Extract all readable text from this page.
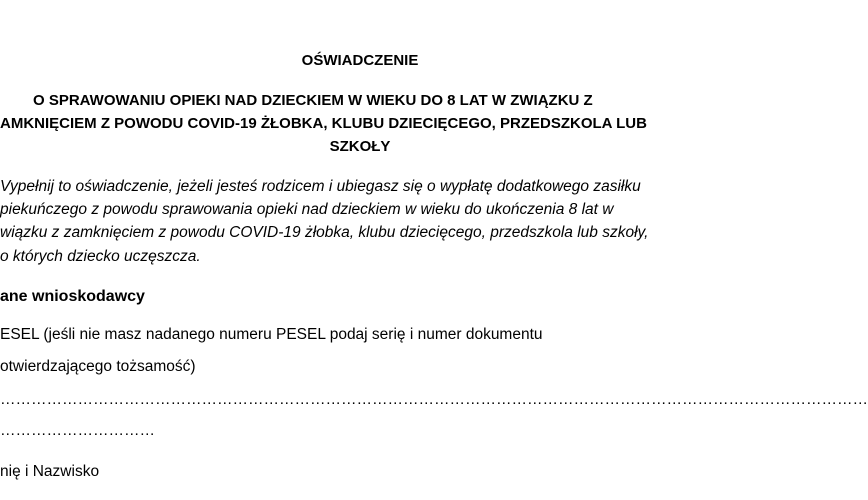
OŚWIADCZENIE
O SPRAWOWANIU OPIEKI NAD DZIECKIEM W WIEKU DO 8 LAT W ZWIĄZKU Z
AMKNIĘCIEM Z POWODU COVID-19 ŻŁOBKA, KLUBU DZIECIĘCEGO, PRZEDSZKOLA LUB
SZKOŁY
Vypełnij to oświadczenie, jeżeli jesteś rodzicem i ubiegasz się o wypłatę dodatkowego zasiłku
piekuńczego z powodu sprawowania opieki nad dzieckiem w wieku do ukończenia 8 lat w
wiązku z zamknięciem z powodu COVID-19 żłobka, klubu dziecięcego, przedszkola lub szkoły,
o których dziecko uczęszcza.
ane wnioskodawcy
ESEL (jeśli nie masz nadanego numeru PESEL podaj serię i numer dokumentu
otwierdzającego tożsamość)
……………………………………………………………………………………………………………………………………………………
…………………………
nię i Nazwisko
